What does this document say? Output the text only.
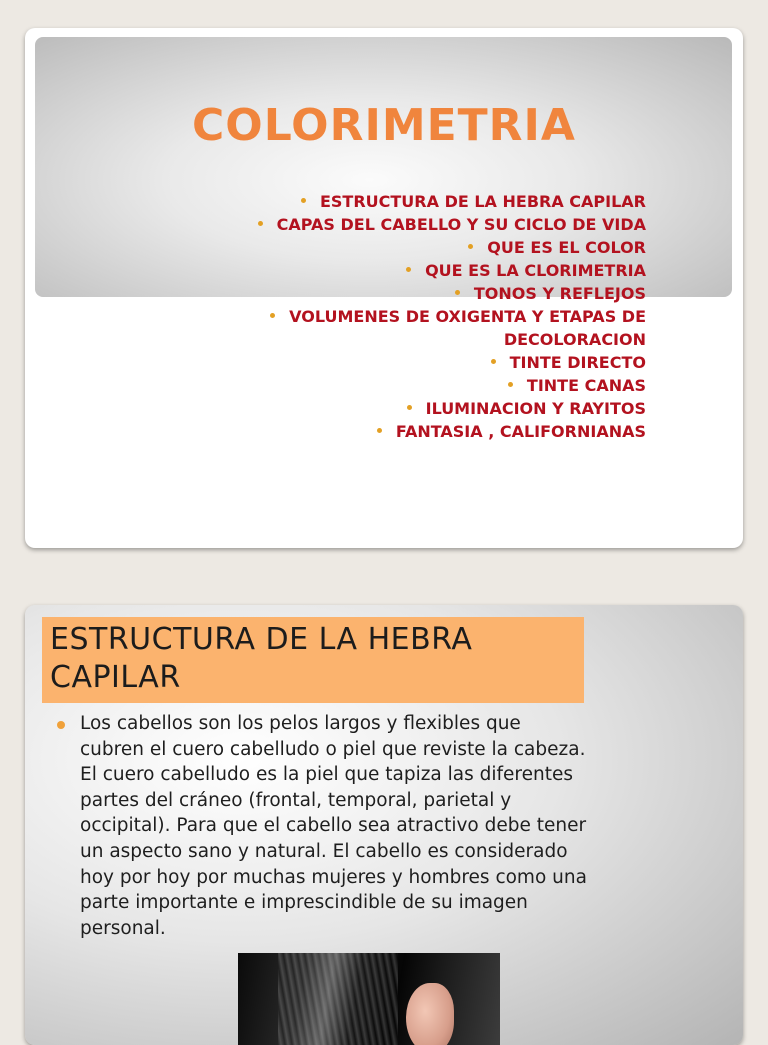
COLORIMETRIA
ESTRUCTURA DE LA HEBRA CAPILAR
CAPAS DEL CABELLO Y SU CICLO DE VIDA
QUE ES EL COLOR
QUE ES LA CLORIMETRIA
TONOS Y REFLEJOS
VOLUMENES DE OXIGENTA Y ETAPAS DE
DECOLORACION
TINTE DIRECTO
TINTE CANAS
ILUMINACION Y RAYITOS
FANTASIA , CALIFORNIANAS
ESTRUCTURA DE LA HEBRA
CAPILAR
Los cabellos son los pelos largos y flexibles que cubren el cuero cabelludo o piel que reviste la cabeza. El cuero cabelludo es la piel que tapiza las diferentes partes del cráneo (frontal, temporal, parietal y occipital). Para que el cabello sea atractivo debe tener un aspecto sano y natural. El cabello es considerado hoy por hoy por muchas mujeres y hombres como una parte importante e imprescindible de su imagen personal.
